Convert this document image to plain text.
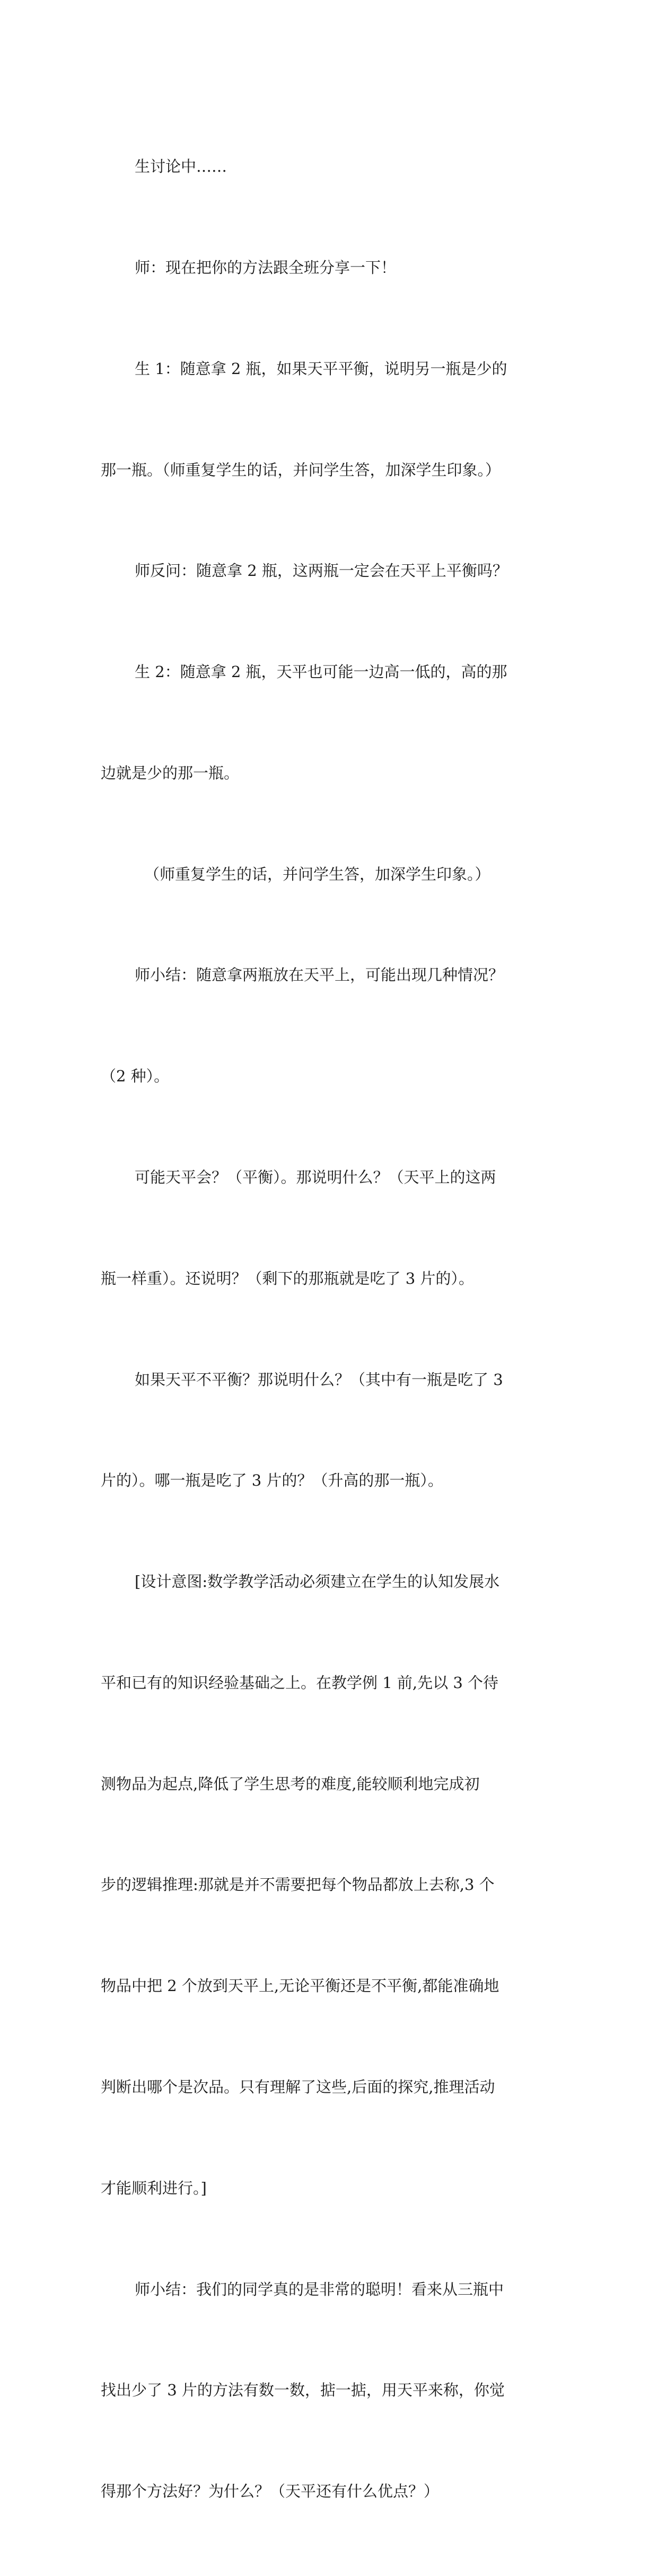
生讨论中……

师：现在把你的方法跟全班分享一下！

生 1：随意拿 2 瓶，如果天平平衡，说明另一瓶是少的

那一瓶。（师重复学生的话，并问学生答，加深学生印象。）

师反问：随意拿 2 瓶，这两瓶一定会在天平上平衡吗？

生 2：随意拿 2 瓶，天平也可能一边高一低的，高的那

边就是少的那一瓶。

（师重复学生的话，并问学生答，加深学生印象。）

师小结：随意拿两瓶放在天平上，可能出现几种情况？

（2 种）。

可能天平会？（平衡）。那说明什么？（天平上的这两

瓶一样重）。还说明？（剩下的那瓶就是吃了 3 片的）。

如果天平不平衡？那说明什么？（其中有一瓶是吃了 3

片的）。哪一瓶是吃了 3 片的？（升高的那一瓶）。

[设计意图:数学教学活动必须建立在学生的认知发展水

平和已有的知识经验基础之上。在教学例 1 前,先以 3 个待

测物品为起点,降低了学生思考的难度,能较顺利地完成初

步的逻辑推理:那就是并不需要把每个物品都放上去称,3 个

物品中把 2 个放到天平上,无论平衡还是不平衡,都能准确地

判断出哪个是次品。只有理解了这些,后面的探究,推理活动

才能顺利进行。]

师小结：我们的同学真的是非常的聪明！看来从三瓶中

找出少了 3 片的方法有数一数，掂一掂，用天平来称，你觉

得那个方法好？为什么？（天平还有什么优点？）
